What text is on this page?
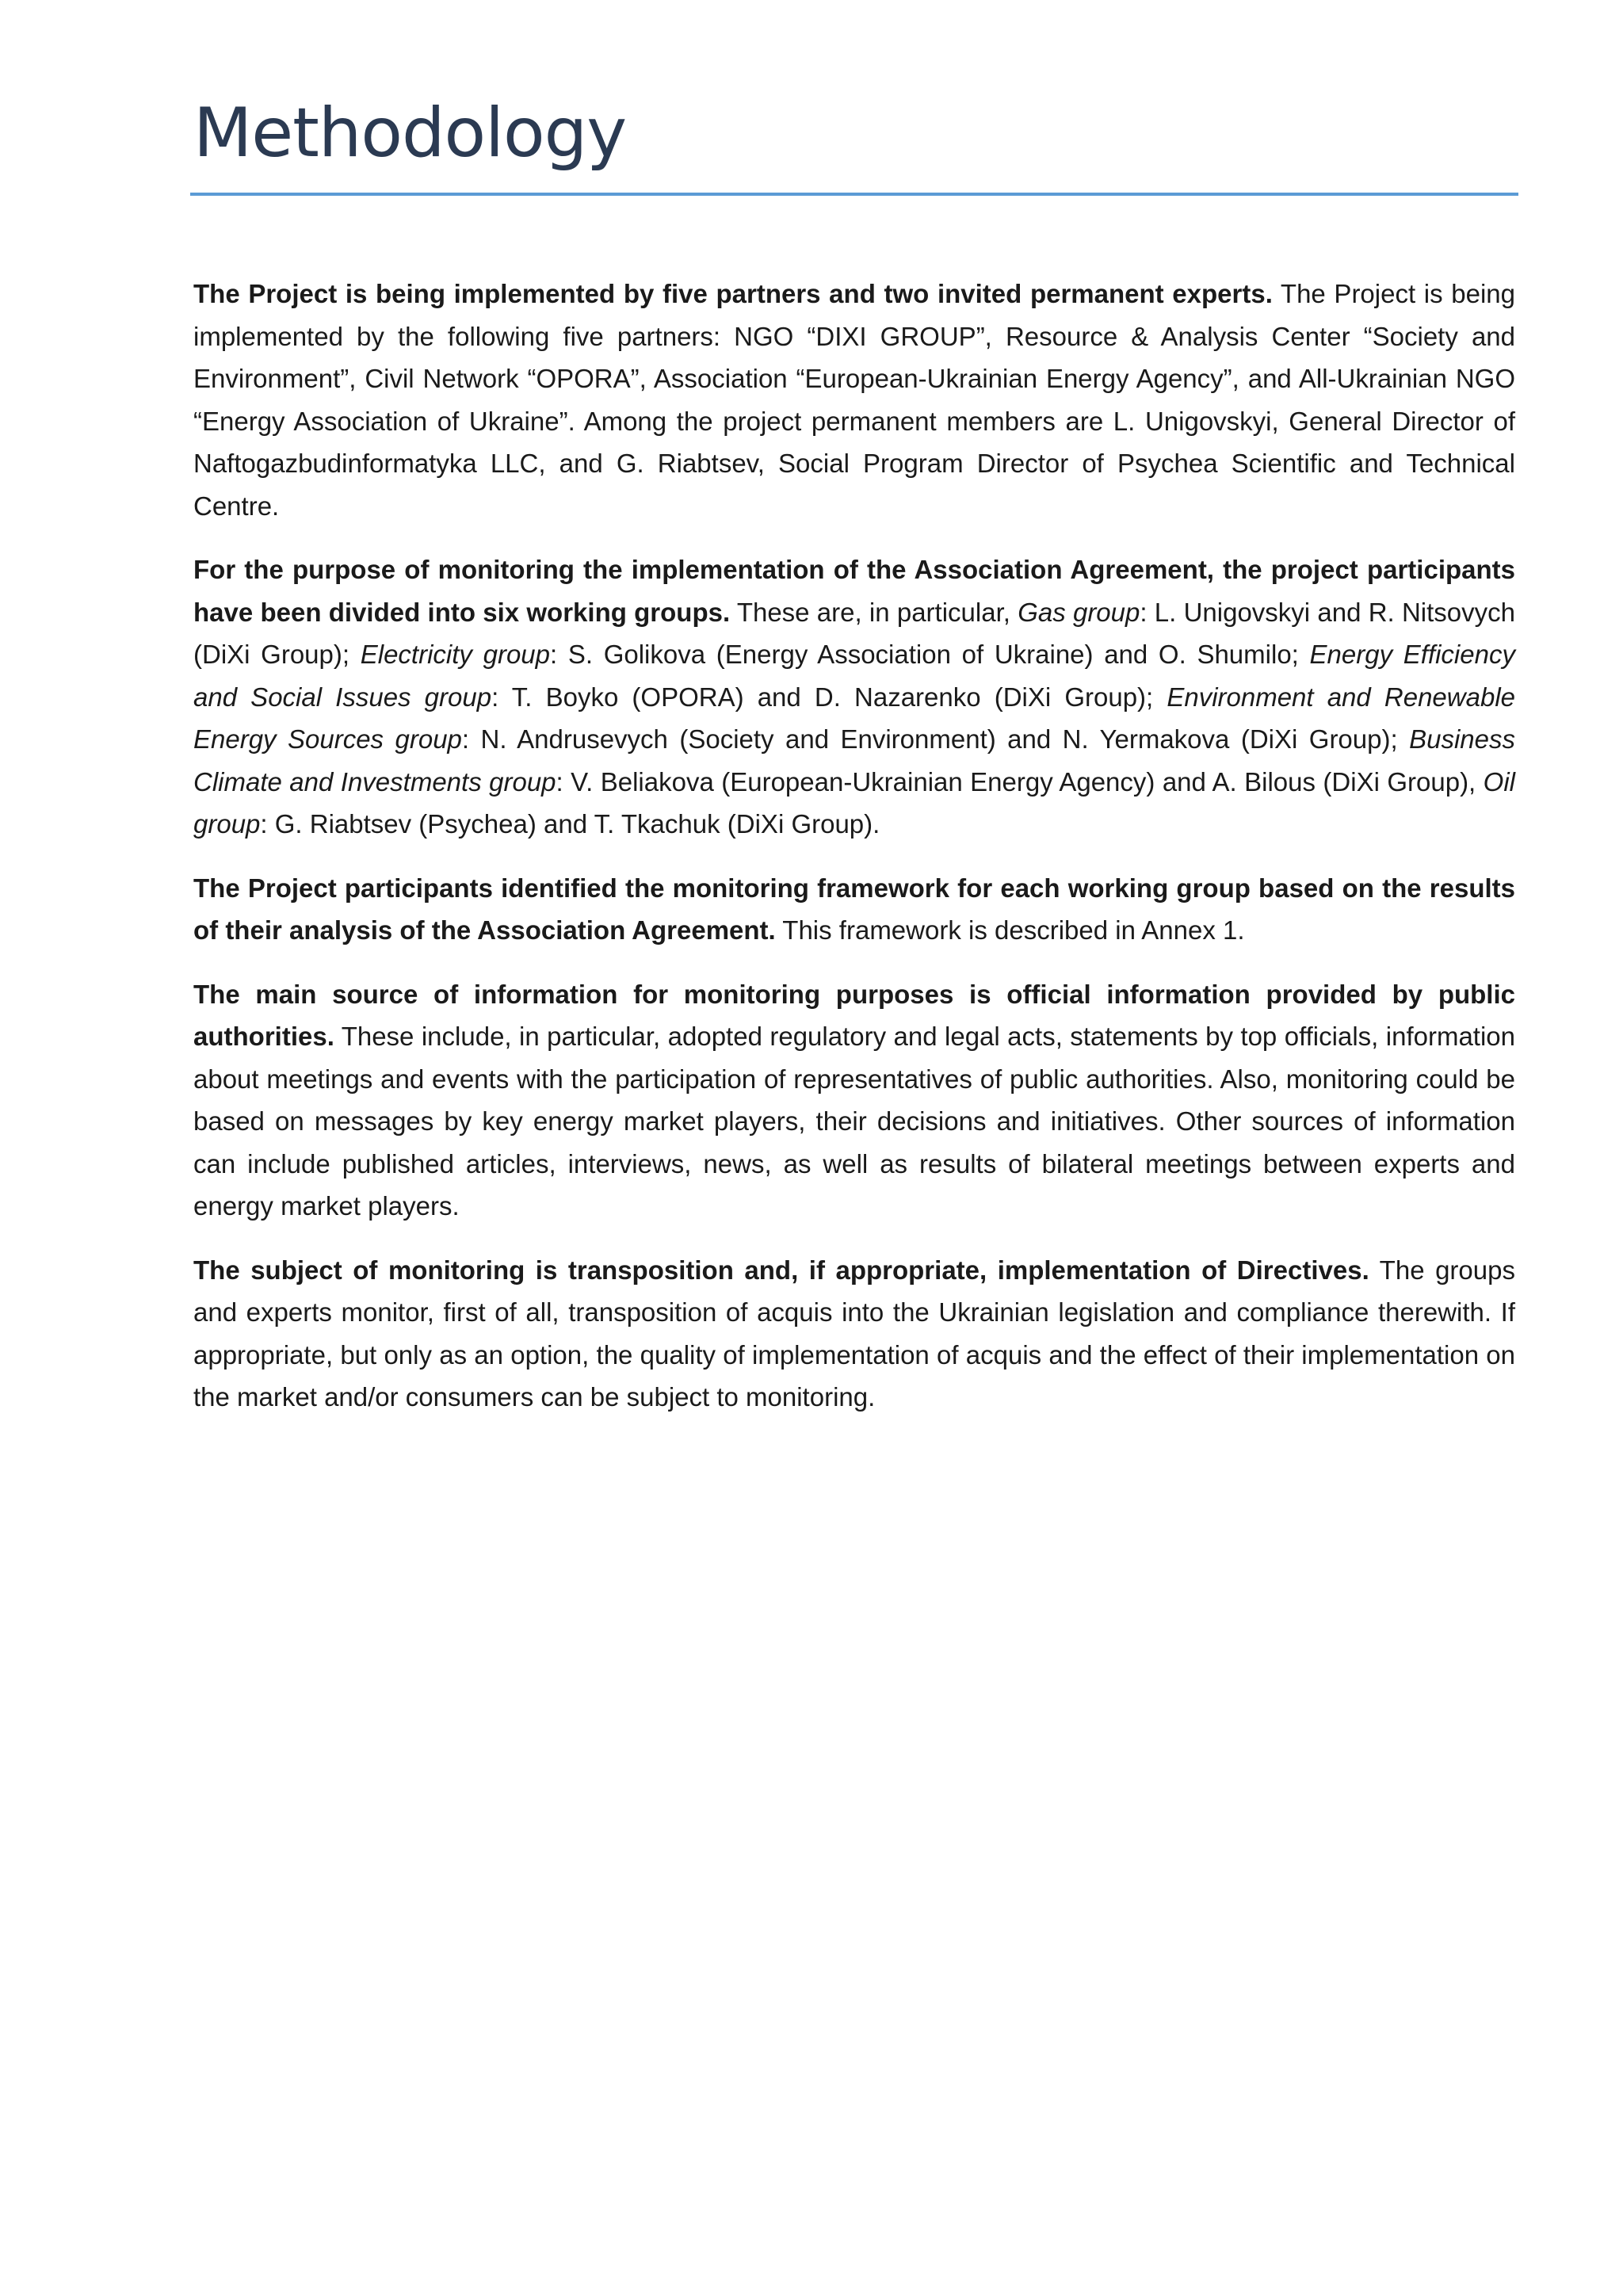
Methodology

The Project is being implemented by five partners and two invited permanent experts. The Project is being implemented by the following five partners: NGO “DIXI GROUP”, Resource & Analysis Center “Society and Environment”, Civil Network “OPORA”, Association “European-Ukrainian Energy Agency”, and All-Ukrainian NGO “Energy Association of Ukraine”. Among the project permanent members are L. Unigovskyi, General Director of Naftogazbudinformatyka LLC, and G. Riabtsev, Social Program Director of Psychea Scientific and Technical Centre.

For the purpose of monitoring the implementation of the Association Agreement, the project participants have been divided into six working groups. These are, in particular, Gas group: L. Unigovskyi and R. Nitsovych (DiXi Group); Electricity group: S. Golikova (Energy Association of Ukraine) and O. Shumilo; Energy Efficiency and Social Issues group: T. Boyko (OPORA) and D. Nazarenko (DiXi Group); Environment and Renewable Energy Sources group: N. Andrusevych (Society and Environment) and N. Yermakova (DiXi Group); Business Climate and Investments group: V. Beliakova (European-Ukrainian Energy Agency) and A. Bilous (DiXi Group), Oil group: G. Riabtsev (Psychea) and T. Tkachuk (DiXi Group).

The Project participants identified the monitoring framework for each working group based on the results of their analysis of the Association Agreement. This framework is described in Annex 1.

The main source of information for monitoring purposes is official information provided by public authorities. These include, in particular, adopted regulatory and legal acts, statements by top officials, information about meetings and events with the participation of representatives of public authorities. Also, monitoring could be based on messages by key energy market players, their decisions and initiatives. Other sources of information can include published articles, interviews, news, as well as results of bilateral meetings between experts and energy market players.

The subject of monitoring is transposition and, if appropriate, implementation of Directives. The groups and experts monitor, first of all, transposition of acquis into the Ukrainian legislation and compliance therewith. If appropriate, but only as an option, the quality of implementation of acquis and the effect of their implementation on the market and/or consumers can be subject to monitoring.
